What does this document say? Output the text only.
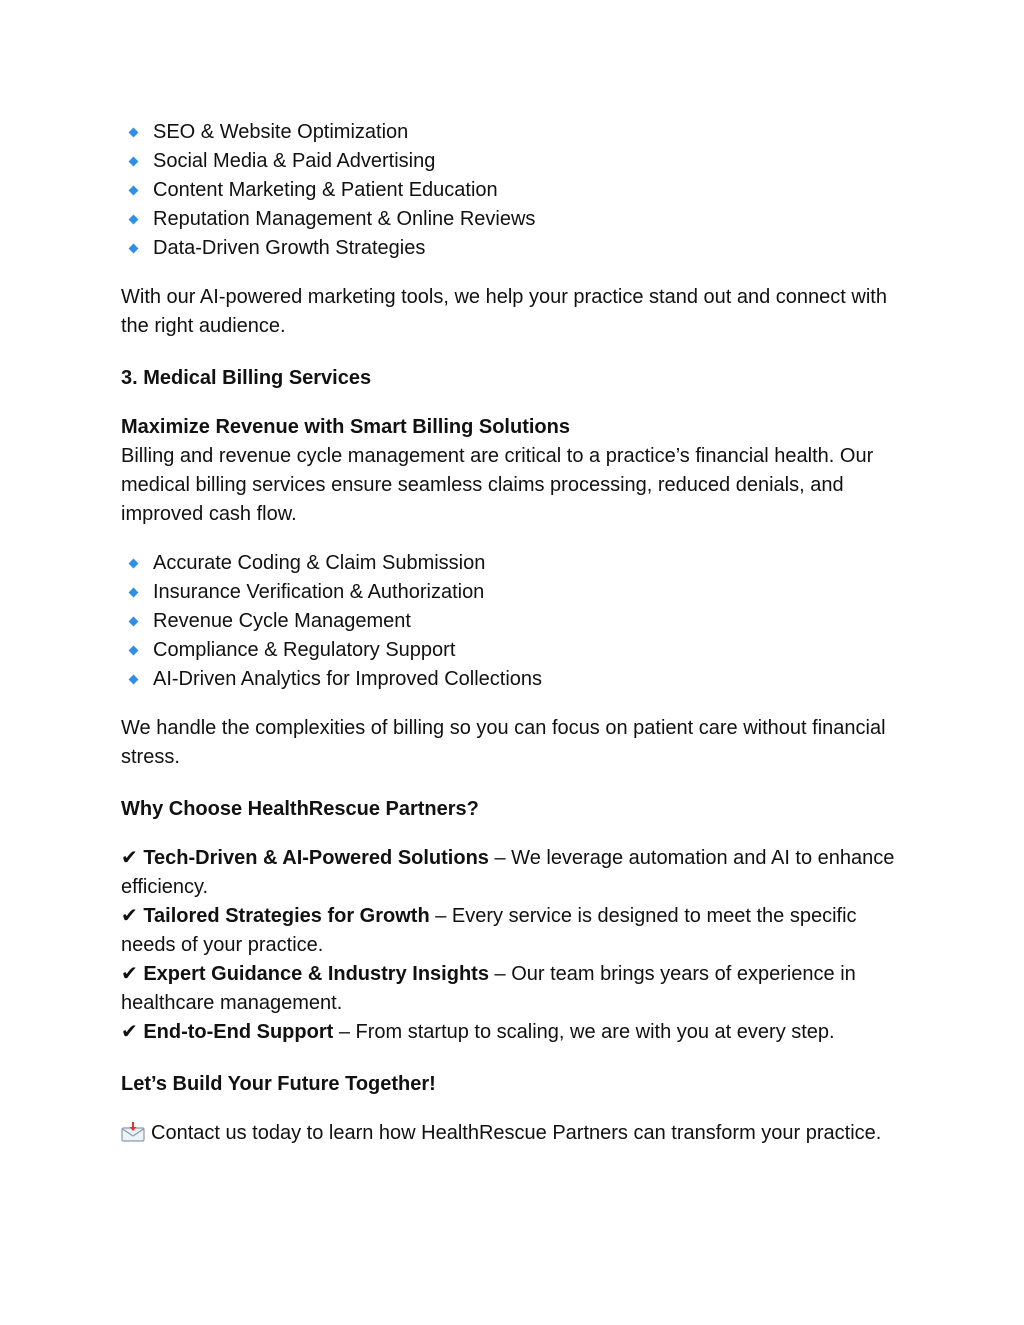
SEO & Website Optimization
Social Media & Paid Advertising
Content Marketing & Patient Education
Reputation Management & Online Reviews
Data-Driven Growth Strategies

With our AI-powered marketing tools, we help your practice stand out and connect with the right audience.

3. Medical Billing Services

Maximize Revenue with Smart Billing Solutions

Billing and revenue cycle management are critical to a practice’s financial health. Our medical billing services ensure seamless claims processing, reduced denials, and improved cash flow.

Accurate Coding & Claim Submission
Insurance Verification & Authorization
Revenue Cycle Management
Compliance & Regulatory Support
AI-Driven Analytics for Improved Collections

We handle the complexities of billing so you can focus on patient care without financial stress.

Why Choose HealthRescue Partners?

✔ Tech-Driven & AI-Powered Solutions – We leverage automation and AI to enhance efficiency.

✔ Tailored Strategies for Growth – Every service is designed to meet the specific needs of your practice.

✔ Expert Guidance & Industry Insights – Our team brings years of experience in healthcare management.

✔ End-to-End Support – From startup to scaling, we are with you at every step.

Let’s Build Your Future Together!

Contact us today to learn how HealthRescue Partners can transform your practice.
